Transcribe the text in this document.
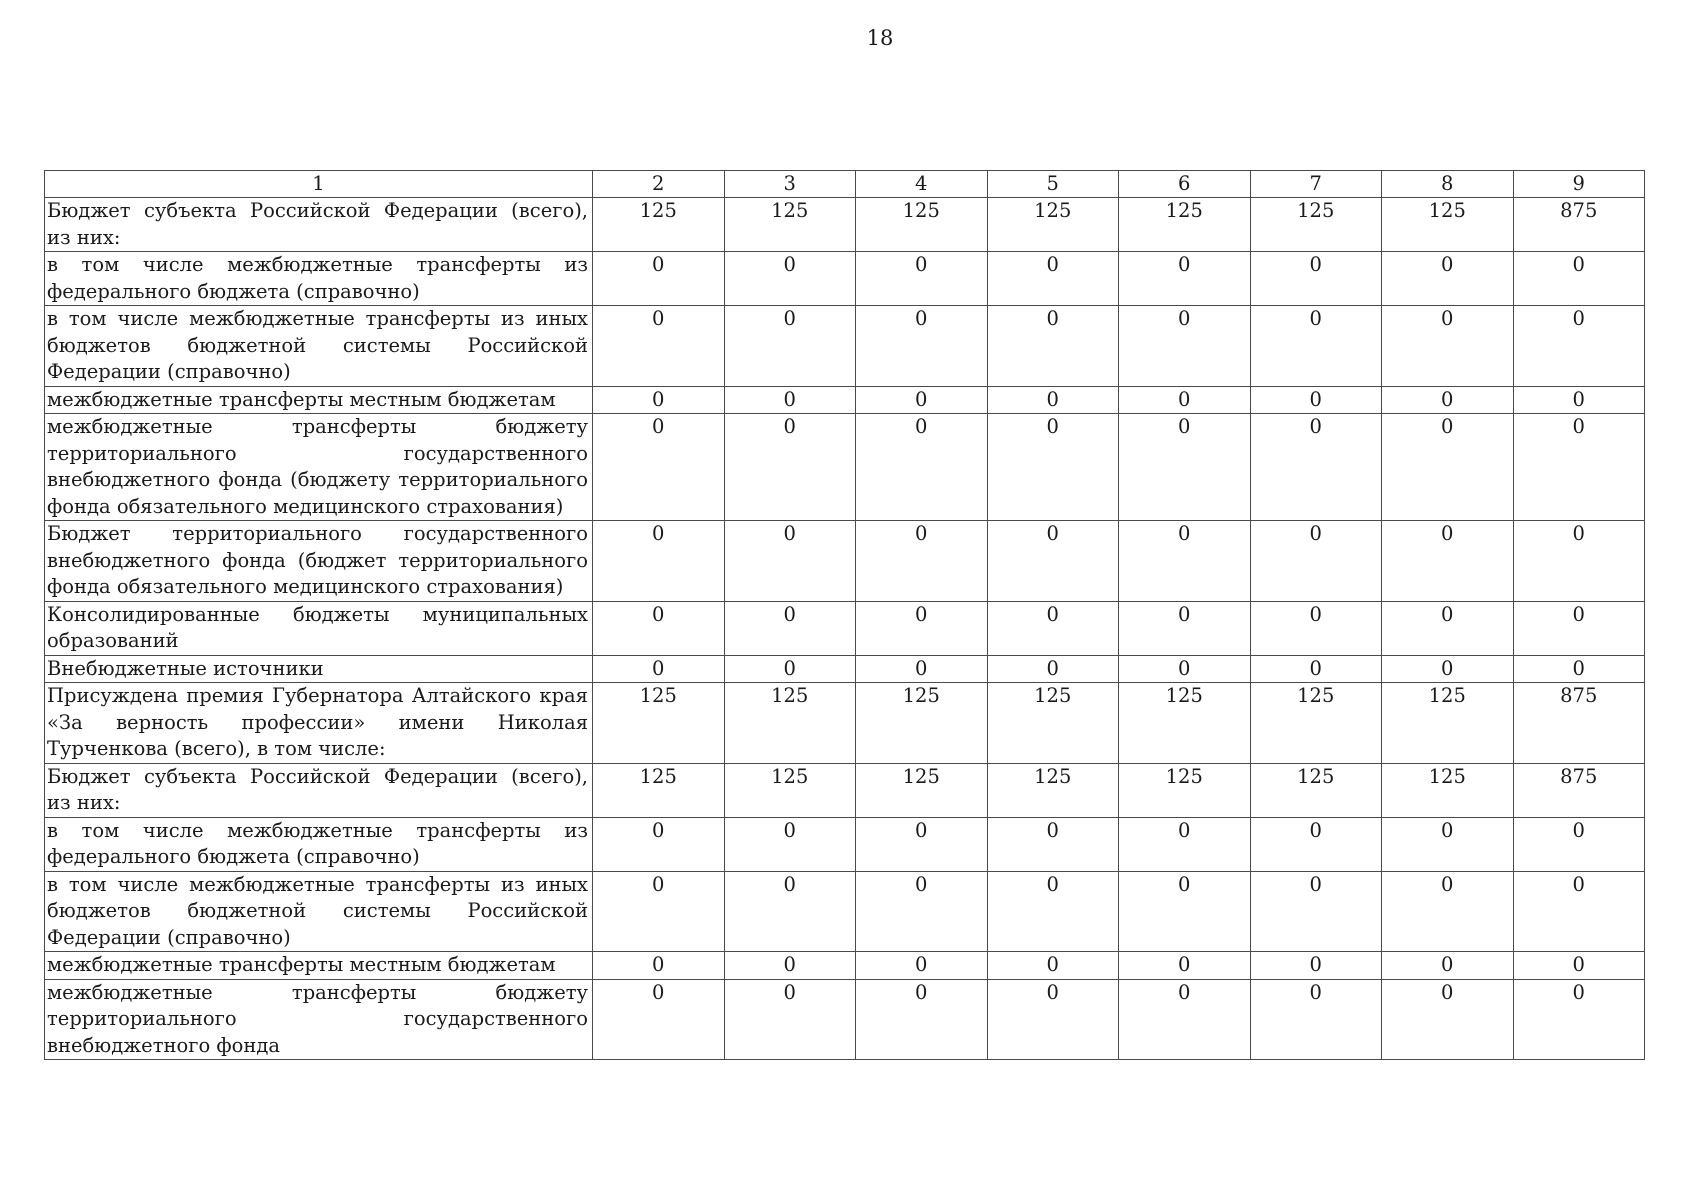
18
1	2	3	4	5	6	7	8	9
Бюджет субъекта Российской Федерации (всего), из них:	125	125	125	125	125	125	125	875
в том числе межбюджетные трансферты из федерального бюджета (справочно)	0	0	0	0	0	0	0	0
в том числе межбюджетные трансферты из иных бюджетов бюджетной системы Российской Федерации (справочно)	0	0	0	0	0	0	0	0
межбюджетные трансферты местным бюджетам	0	0	0	0	0	0	0	0
межбюджетные трансферты бюджету территориального государственного внебюджетного фонда (бюджету территориального фонда обязательного медицинского страхования)	0	0	0	0	0	0	0	0
Бюджет территориального государственного внебюджетного фонда (бюджет территориального фонда обязательного медицинского страхования)	0	0	0	0	0	0	0	0
Консолидированные бюджеты муниципальных образований	0	0	0	0	0	0	0	0
Внебюджетные источники	0	0	0	0	0	0	0	0
Присуждена премия Губернатора Алтайского края «За верность профессии» имени Николая Турченкова (всего), в том числе:	125	125	125	125	125	125	125	875
Бюджет субъекта Российской Федерации (всего), из них:	125	125	125	125	125	125	125	875
в том числе межбюджетные трансферты из федерального бюджета (справочно)	0	0	0	0	0	0	0	0
в том числе межбюджетные трансферты из иных бюджетов бюджетной системы Российской Федерации (справочно)	0	0	0	0	0	0	0	0
межбюджетные трансферты местным бюджетам	0	0	0	0	0	0	0	0
межбюджетные трансферты бюджету территориального государственного внебюджетного фонда	0	0	0	0	0	0	0	0
